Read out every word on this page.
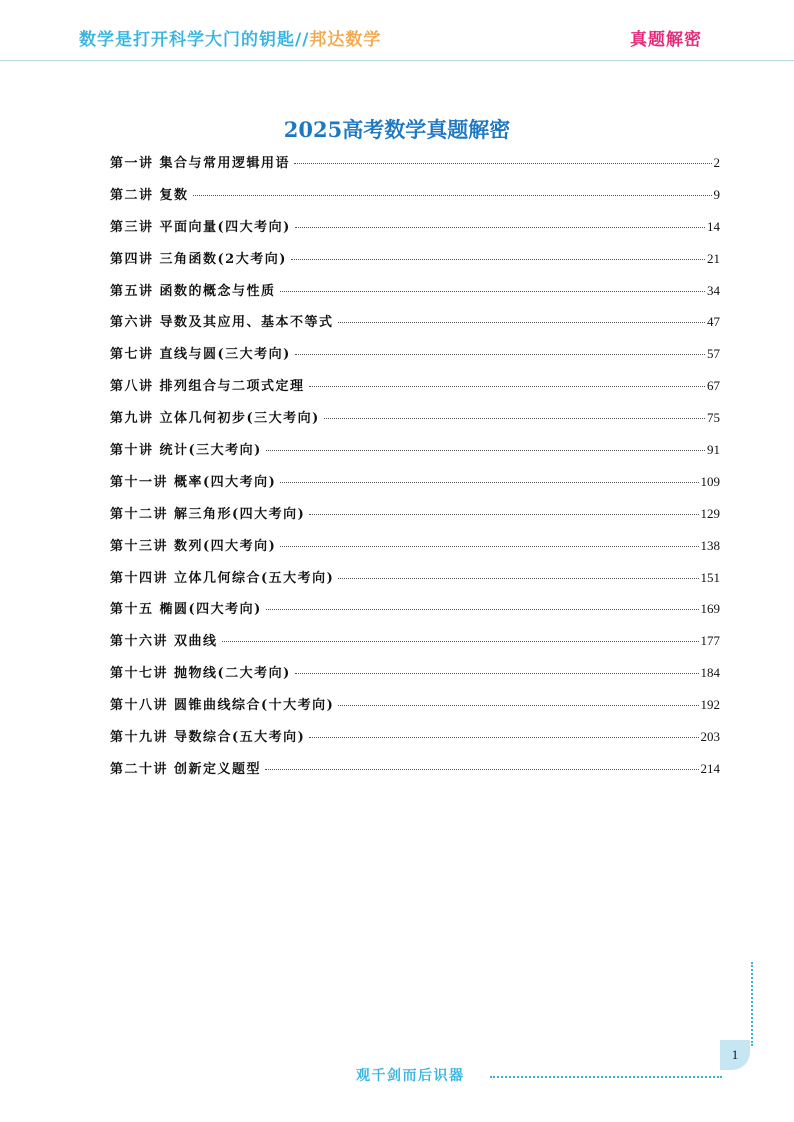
数学是打开科学大门的钥匙//邦达数学	真题解密
2025高考数学真题解密
第一讲 集合与常用逻辑用语	2
第二讲 复数	9
第三讲 平面向量(四大考向)	14
第四讲 三角函数(2大考向)	21
第五讲 函数的概念与性质	34
第六讲 导数及其应用、基本不等式	47
第七讲 直线与圆(三大考向)	57
第八讲 排列组合与二项式定理	67
第九讲 立体几何初步(三大考向)	75
第十讲 统计(三大考向)	91
第十一讲 概率(四大考向)	109
第十二讲 解三角形(四大考向)	129
第十三讲 数列(四大考向)	138
第十四讲 立体几何综合(五大考向)	151
第十五 椭圆(四大考向)	169
第十六讲 双曲线	177
第十七讲 抛物线(二大考向)	184
第十八讲 圆锥曲线综合(十大考向)	192
第十九讲 导数综合(五大考向)	203
第二十讲 创新定义题型	214
1
观千剑而后识器
